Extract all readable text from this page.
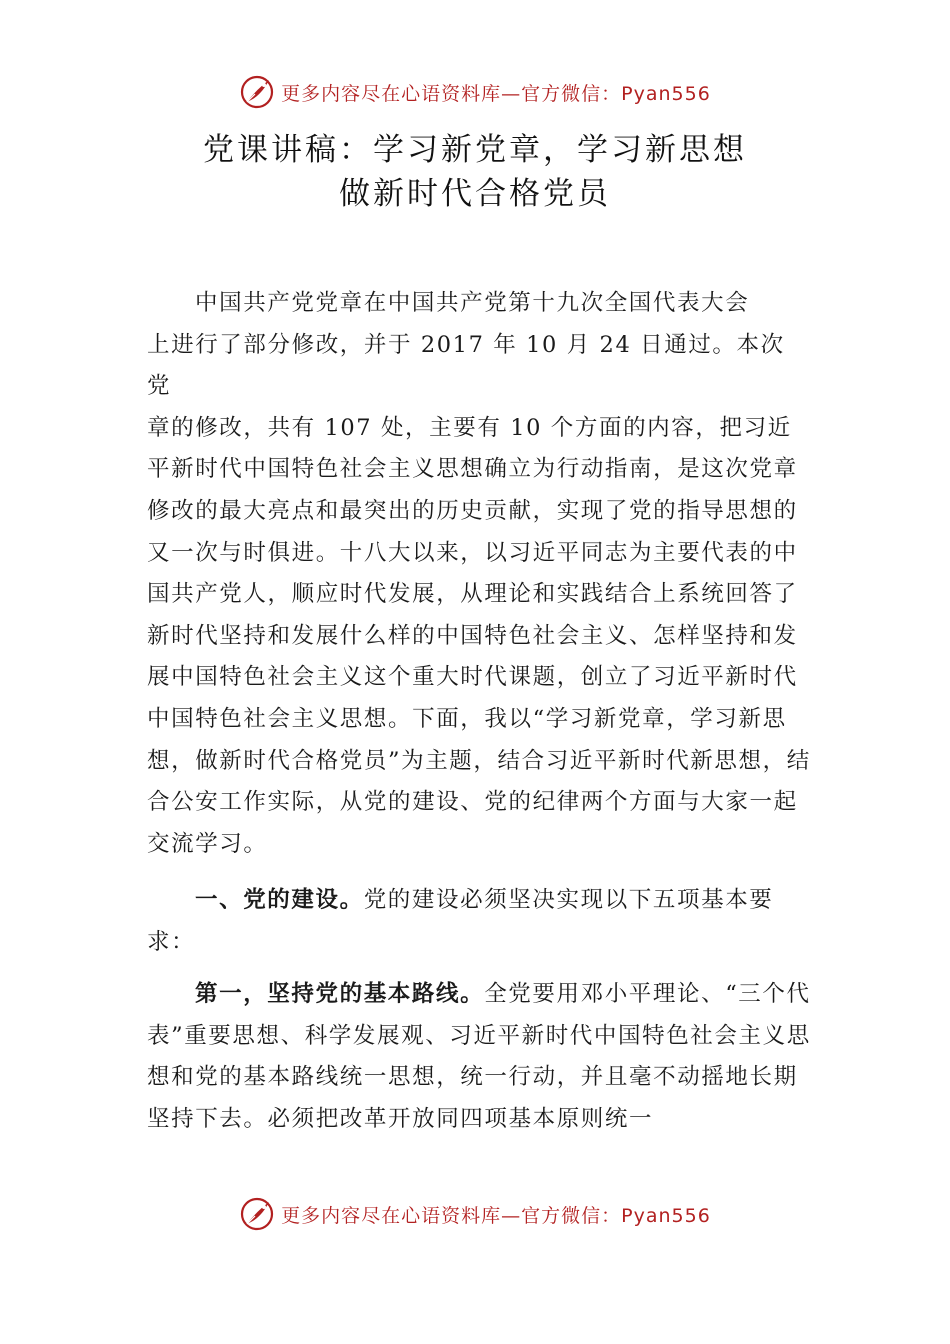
更多内容尽在心语资料库—官方微信：Pyan556
党课讲稿：学习新党章，学习新思想
做新时代合格党员

中国共产党党章在中国共产党第十九次全国代表大会

上进行了部分修改，并于 2017 年 10 月 24 日通过。本次

党

章的修改，共有 107 处，主要有 10 个方面的内容，把习近平新时代中国特色社会主义思想确立为行动指南，是这次党章修改的最大亮点和最突出的历史贡献，实现了党的指导思想的又一次与时俱进。十八大以来，以习近平同志为主要代表的中国共产党人，顺应时代发展，从理论和实践结合上系统回答了新时代坚持和发展什么样的中国特色社会主义、怎样坚持和发展中国特色社会主义这个重大时代课题，创立了习近平新时代中国特色社会主义思想。下面，我以“学习新党章，学习新思想，做新时代合格党员”为主题，结合习近平新时代新思想，结合公安工作实际，从党的建设、党的纪律两个方面与大家一起交流学习。

一、党的建设。党的建设必须坚决实现以下五项基本要求：

第一，坚持党的基本路线。全党要用邓小平理论、“三个代表”重要思想、科学发展观、习近平新时代中国特色社会主义思想和党的基本路线统一思想，统一行动，并且毫不动摇地长期坚持下去。必须把改革开放同四项基本原则统一

更多内容尽在心语资料库—官方微信：Pyan556
